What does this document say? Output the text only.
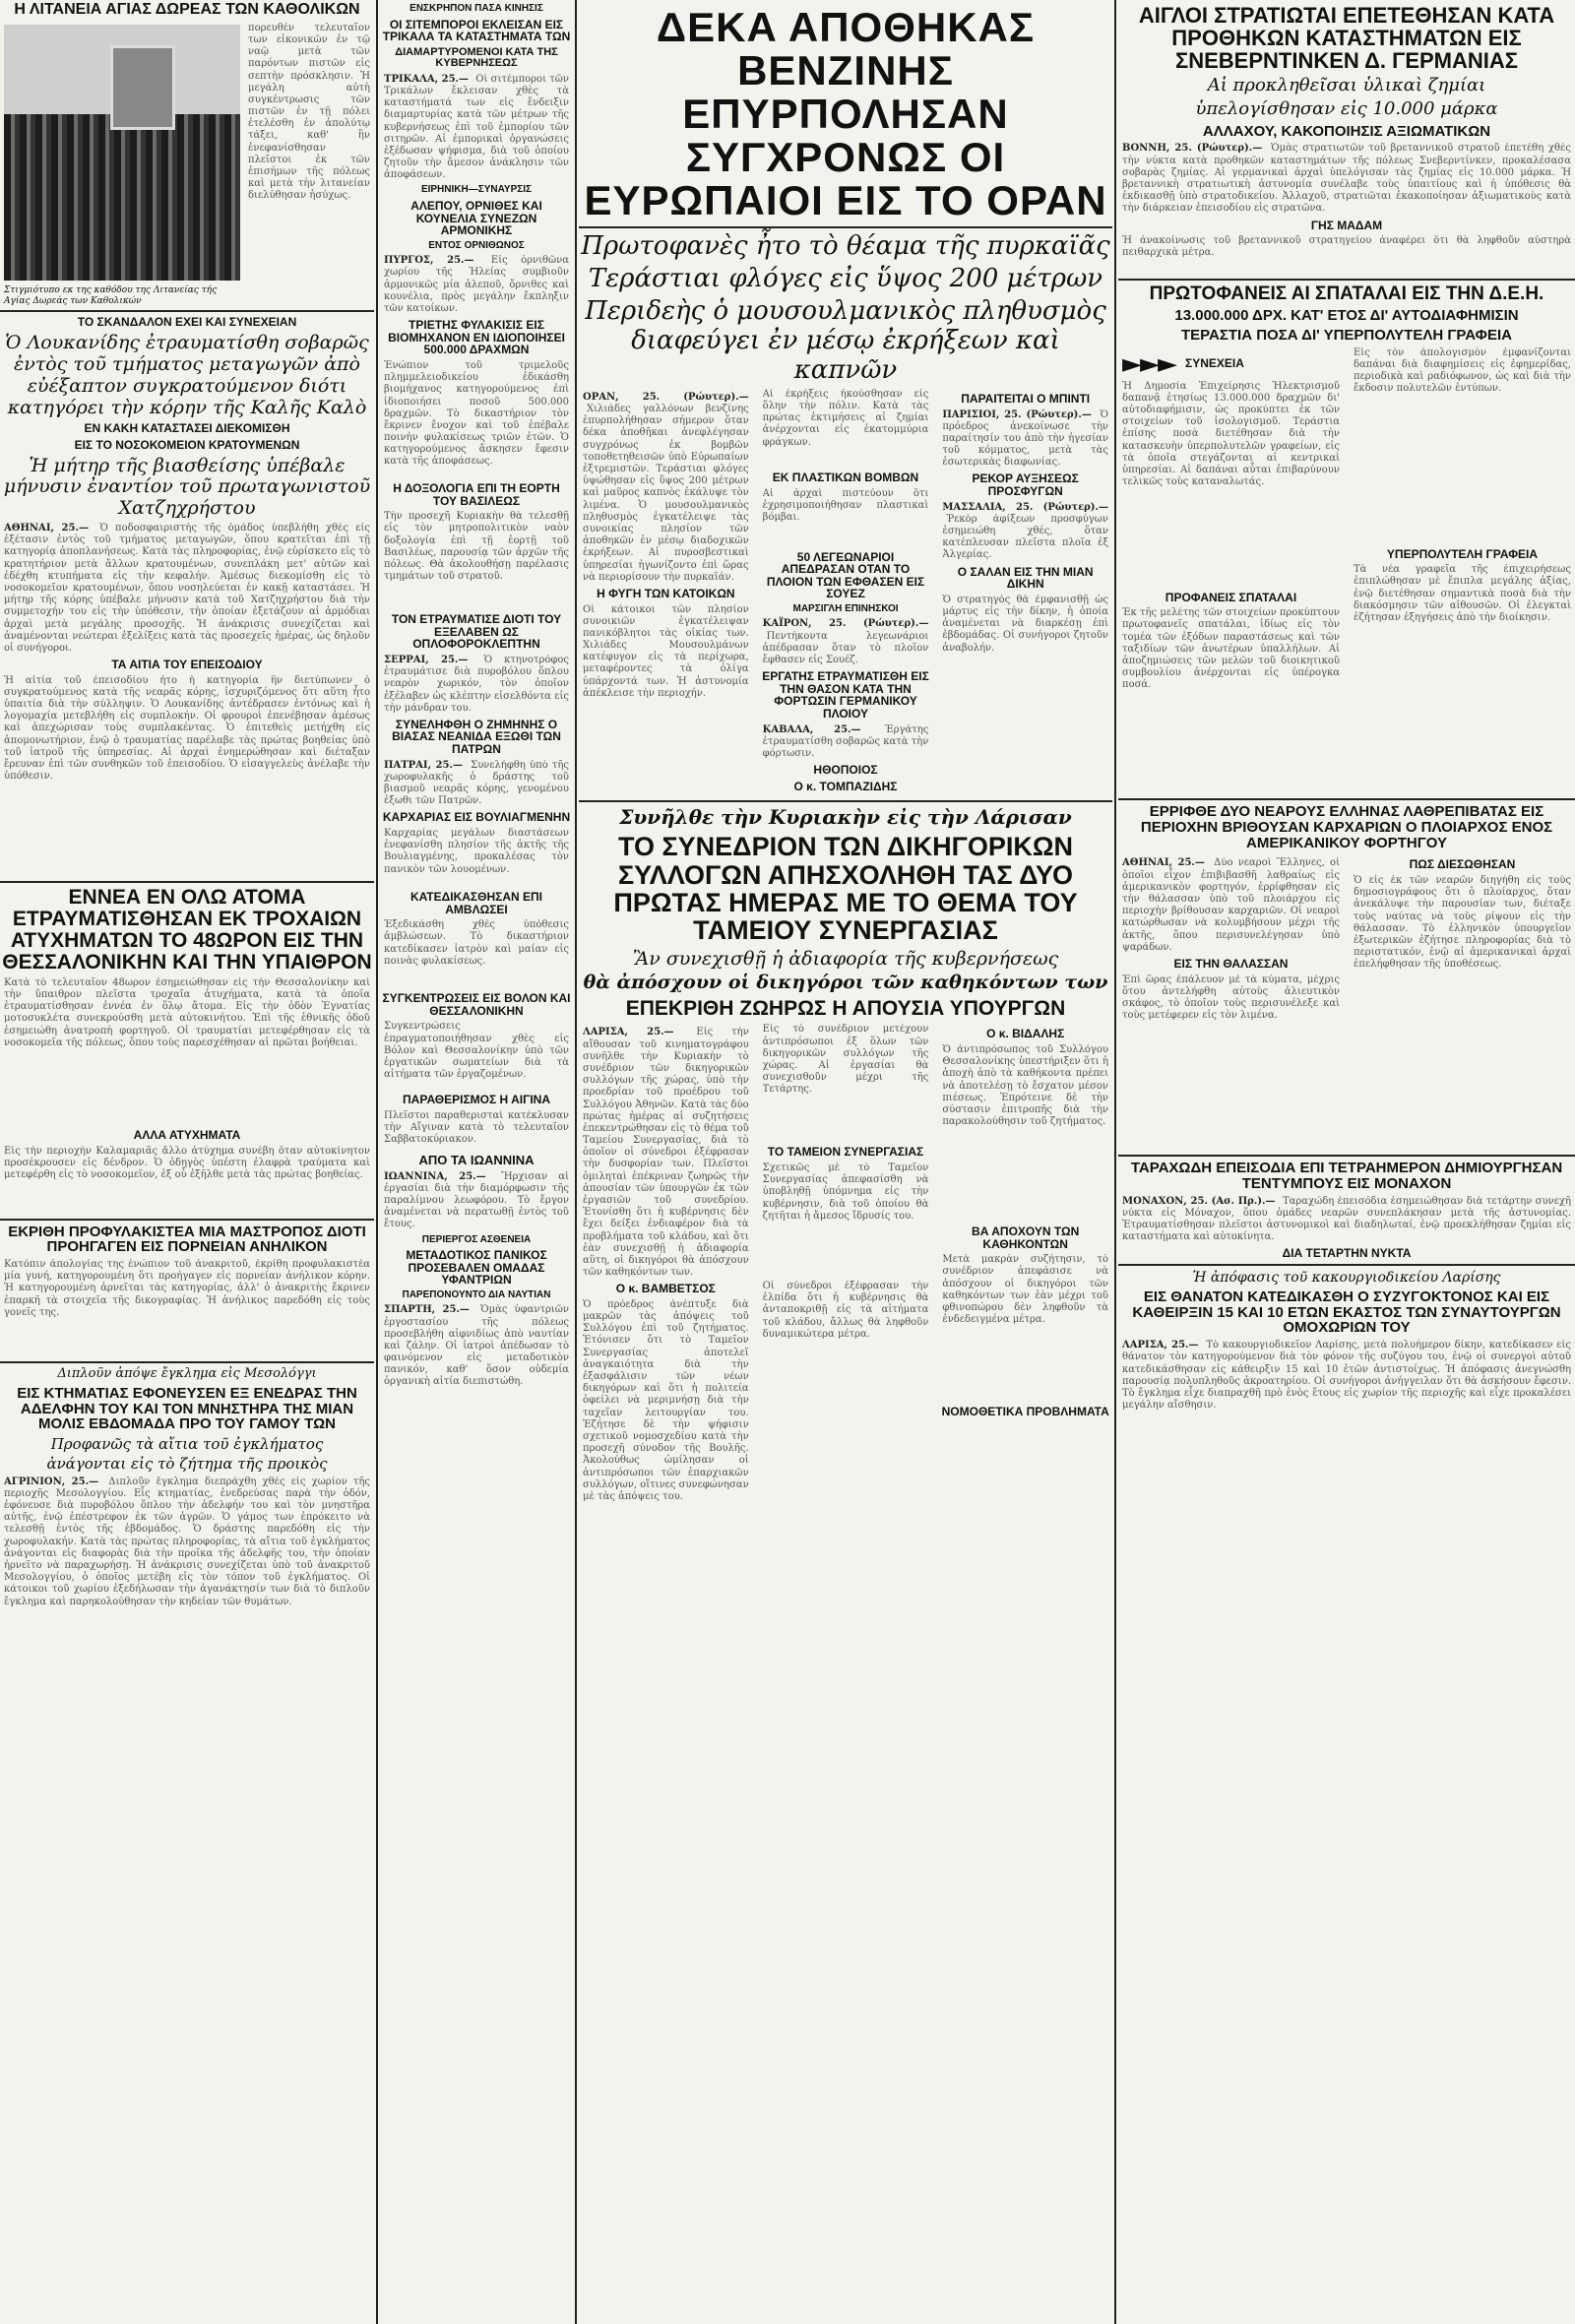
Η ΛΙΤΑΝΕΙΑ ΑΓΙΑΣ ΔΩΡΕΑΣ ΤΩΝ ΚΑΘΟΛΙΚΩΝ
πορευθέν τελευταῖον των εἰκονικῶν ἐν τῷ ναῷ μετὰ τῶν παρόντων πιστῶν εἰς σεπτὴν πρόσκλησιν. Ἡ μεγάλη αὐτὴ συγκέντρωσις τῶν πιστῶν ἐν τῇ πόλει ἐτελέσθη ἐν ἀπολύτῳ τάξει, καθ' ἣν ἐνεφανίσθησαν πλεῖστοι ἐκ τῶν ἐπισήμων τῆς πόλεως καὶ μετὰ τὴν λιτανείαν διελύθησαν ἡσύχως.
Στιγμιότυπο εκ της καθόδου της Λιτανείας τής Αγίας Δωρεάς των Καθολικών
ΤΟ ΣΚΑΝΔΑΛΟΝ ΕΧΕΙ ΚΑΙ ΣΥΝΕΧΕΙΑΝ
Ὁ Λουκανίδης ἐτραυματίσθη σοβαρῶς ἐντὸς τοῦ τμήματος μεταγωγῶν ἀπὸ εὐέξαπτον συγκρατούμενον διότι κατηγόρει τὴν κόρην τῆς Καλῆς Καλὸ
ΕΝ ΚΑΚΗ ΚΑΤΑΣΤΑΣΕΙ ΔΙΕΚΟΜΙΣΘΗ
ΕΙΣ ΤΟ ΝΟΣΟΚΟΜΕΙΟΝ ΚΡΑΤΟΥΜΕΝΩΝ
Ἡ μήτηρ τῆς βιασθείσης ὑπέβαλε μήνυσιν ἐναντίον τοῦ πρωταγωνιστοῦ Χατζηχρήστου
ΑΘΗΝΑΙ, 25.— Ὁ ποδοσφαιριστὴς τῆς ὁμάδος ὑπεβλήθη χθὲς εἰς ἐξέτασιν ἐντὸς τοῦ τμήματος μεταγωγῶν, ὅπου κρατεῖται ἐπὶ τῇ κατηγορίᾳ ἀποπλανήσεως. Κατὰ τὰς πληροφορίας, ἐνῷ εὑρίσκετο εἰς τὸ κρατητήριον μετὰ ἄλλων κρατουμένων, συνεπλάκη μετ' αὐτῶν καὶ ἐδέχθη κτυπήματα εἰς τὴν κεφαλήν. Ἀμέσως διεκομίσθη εἰς τὸ νοσοκομεῖον κρατουμένων, ὅπου νοσηλεύεται ἐν κακῇ καταστάσει. Ἡ μήτηρ τῆς κόρης ὑπέβαλε μήνυσιν κατὰ τοῦ Χατζηχρήστου διὰ τὴν συμμετοχήν του εἰς τὴν ὑπόθεσιν, τὴν ὁποίαν ἐξετάζουν αἱ ἀρμόδιαι ἀρχαὶ μετὰ μεγάλης προσοχῆς. Ἡ ἀνάκρισις συνεχίζεται καὶ ἀναμένονται νεώτεραι ἐξελίξεις κατὰ τὰς προσεχεῖς ἡμέρας, ὡς δηλοῦν οἱ συνήγοροι.
ΤΑ ΑΙΤΙΑ ΤΟΥ ΕΠΕΙΣΟΔΙΟΥ
Ἡ αἰτία τοῦ ἐπεισοδίου ἦτο ἡ κατηγορία ἣν διετύπωνεν ὁ συγκρατούμενος κατὰ τῆς νεαρᾶς κόρης, ἰσχυριζόμενος ὅτι αὕτη ἦτο ὑπαιτία διὰ τὴν σύλληψιν. Ὁ Λουκανίδης ἀντέδρασεν ἐντόνως καὶ ἡ λογομαχία μετεβλήθη εἰς συμπλοκήν. Οἱ φρουροὶ ἐπενέβησαν ἀμέσως καὶ ἀπεχώρισαν τοὺς συμπλακέντας. Ὁ ἐπιτεθεὶς μετήχθη εἰς ἀπομονωτήριον, ἐνῷ ὁ τραυματίας παρέλαβε τὰς πρώτας βοηθείας ὑπὸ τοῦ ἰατροῦ τῆς ὑπηρεσίας. Αἱ ἀρχαὶ ἐνημερώθησαν καὶ διέταξαν ἔρευναν ἐπὶ τῶν συνθηκῶν τοῦ ἐπεισοδίου. Ὁ εἰσαγγελεὺς ἀνέλαβε τὴν ὑπόθεσιν.
ΕΝΝΕΑ ΕΝ ΟΛΩ ΑΤΟΜΑ ΕΤΡΑΥΜΑΤΙΣΘΗΣΑΝ ΕΚ ΤΡΟΧΑΙΩΝ ΑΤΥΧΗΜΑΤΩΝ ΤΟ 48ΩΡΟΝ ΕΙΣ ΤΗΝ ΘΕΣΣΑΛΟΝΙΚΗΝ ΚΑΙ ΤΗΝ ΥΠΑΙΘΡΟΝ
Κατὰ τὸ τελευταῖον 48ωρον ἐσημειώθησαν εἰς τὴν Θεσσαλονίκην καὶ τὴν ὕπαιθρον πλεῖστα τροχαῖα ἀτυχήματα, κατὰ τὰ ὁποῖα ἐτραυματίσθησαν ἐννέα ἐν ὅλῳ ἄτομα. Εἰς τὴν ὁδὸν Ἐγνατίας μοτοσυκλέτα συνεκρούσθη μετὰ αὐτοκινήτου. Ἐπὶ τῆς ἐθνικῆς ὁδοῦ ἐσημειώθη ἀνατροπὴ φορτηγοῦ. Οἱ τραυματίαι μετεφέρθησαν εἰς τὰ νοσοκομεῖα τῆς πόλεως, ὅπου τοὺς παρεσχέθησαν αἱ πρῶται βοήθειαι.
ΑΛΛΑ ΑΤΥΧΗΜΑΤΑ
Εἰς τὴν περιοχὴν Καλαμαριᾶς ἄλλο ἀτύχημα συνέβη ὅταν αὐτοκίνητον προσέκρουσεν εἰς δένδρον. Ὁ ὁδηγὸς ὑπέστη ἐλαφρὰ τραύματα καὶ μετεφέρθη εἰς τὸ νοσοκομεῖον, ἐξ οὗ ἐξῆλθε μετὰ τὰς πρώτας βοηθείας.
ΕΚΡΙΘΗ ΠΡΟΦΥΛΑΚΙΣΤΕΑ ΜΙΑ ΜΑΣΤΡΟΠΟΣ ΔΙΟΤΙ ΠΡΟΗΓΑΓΕΝ ΕΙΣ ΠΟΡΝΕΙΑΝ ΑΝΗΛΙΚΟΝ
Κατόπιν ἀπολογίας της ἐνώπιον τοῦ ἀνακριτοῦ, ἐκρίθη προφυλακιστέα μία γυνή, κατηγορουμένη ὅτι προήγαγεν εἰς πορνείαν ἀνήλικον κόρην. Ἡ κατηγορουμένη ἀρνεῖται τὰς κατηγορίας, ἀλλ' ὁ ἀνακριτὴς ἔκρινεν ἐπαρκῆ τὰ στοιχεῖα τῆς δικογραφίας. Ἡ ἀνήλικος παρεδόθη εἰς τοὺς γονεῖς της.
Διπλοῦν ἀπόψε ἔγκλημα εἰς Μεσολόγγι
ΕΙΣ ΚΤΗΜΑΤΙΑΣ ΕΦΟΝΕΥΣΕΝ ΕΞ ΕΝΕΔΡΑΣ ΤΗΝ ΑΔΕΛΦΗΝ ΤΟΥ ΚΑΙ ΤΟΝ ΜΝΗΣΤΗΡΑ ΤΗΣ ΜΙΑΝ ΜΟΛΙΣ ΕΒΔΟΜΑΔΑ ΠΡΟ ΤΟΥ ΓΑΜΟΥ ΤΩΝ
Προφανῶς τὰ αἴτια τοῦ ἐγκλήματος
ἀνάγονται εἰς τὸ ζήτημα τῆς προικὸς
ΑΓΡΙΝΙΟΝ, 25.— Διπλοῦν ἔγκλημα διεπράχθη χθὲς εἰς χωρίον τῆς περιοχῆς Μεσολογγίου. Εἷς κτηματίας, ἐνεδρεύσας παρὰ τὴν ὁδόν, ἐφόνευσε διὰ πυροβόλου ὅπλου τὴν ἀδελφήν του καὶ τὸν μνηστῆρα αὐτῆς, ἐνῷ ἐπέστρεφον ἐκ τῶν ἀγρῶν. Ὁ γάμος των ἐπρόκειτο νὰ τελεσθῇ ἐντὸς τῆς ἑβδομάδος. Ὁ δράστης παρεδόθη εἰς τὴν χωροφυλακήν. Κατὰ τὰς πρώτας πληροφορίας, τὰ αἴτια τοῦ ἐγκλήματος ἀνάγονται εἰς διαφορὰς διὰ τὴν προῖκα τῆς ἀδελφῆς του, τὴν ὁποίαν ἠρνεῖτο νὰ παραχωρήσῃ. Ἡ ἀνάκρισις συνεχίζεται ὑπὸ τοῦ ἀνακριτοῦ Μεσολογγίου, ὁ ὁποῖος μετέβη εἰς τὸν τόπον τοῦ ἐγκλήματος. Οἱ κάτοικοι τοῦ χωρίου ἐξεδήλωσαν τὴν ἀγανάκτησίν των διὰ τὸ διπλοῦν ἔγκλημα καὶ παρηκολούθησαν τὴν κηδείαν τῶν θυμάτων.
ΕΝΣΚΡΗΠΟΝ ΠΑΣΑ ΚΙΝΗΣΙΣ
ΟΙ ΣΙΤΕΜΠΟΡΟΙ ΕΚΛΕΙΣΑΝ ΕΙΣ ΤΡΙΚΑΛΑ ΤΑ ΚΑΤΑΣΤΗΜΑΤΑ ΤΩΝ
ΔΙΑΜΑΡΤΥΡΟΜΕΝΟΙ ΚΑΤΑ ΤΗΣ ΚΥΒΕΡΝΗΣΕΩΣ
ΤΡΙΚΑΛΑ, 25.— Οἱ σιτέμποροι τῶν Τρικάλων ἔκλεισαν χθὲς τὰ καταστήματά των εἰς ἔνδειξιν διαμαρτυρίας κατὰ τῶν μέτρων τῆς κυβερνήσεως ἐπὶ τοῦ ἐμπορίου τῶν σιτηρῶν. Αἱ ἐμπορικαὶ ὀργανώσεις ἐξέδωσαν ψήφισμα, διὰ τοῦ ὁποίου ζητοῦν τὴν ἄμεσον ἀνάκλησιν τῶν ἀποφάσεων.
ΕΙΡΗΝΙΚΗ—ΣΥΝΑΥΡΣΙΣ
ΑΛΕΠΟΥ, ΟΡΝΙΘΕΣ ΚΑΙ ΚΟΥΝΕΛΙΑ ΣΥΝΕΖΩΝ ΑΡΜΟΝΙΚΗΣ
ΕΝΤΟΣ ΟΡΝΙΘΩΝΟΣ
ΠΥΡΓΟΣ, 25.— Εἰς ὀρνιθῶνα χωρίου τῆς Ἠλείας συμβιοῦν ἁρμονικῶς μία ἀλεποῦ, ὄρνιθες καὶ κουνέλια, πρὸς μεγάλην ἔκπληξιν τῶν κατοίκων.
ΤΡΙΕΤΗΣ ΦΥΛΑΚΙΣΙΣ ΕΙΣ ΒΙΟΜΗΧΑΝΟΝ ΕΝ ΙΔΙΟΠΟΙΗΣΕΙ 500.000 ΔΡΑΧΜΩΝ
Ἐνώπιον τοῦ τριμελοῦς πλημμελειοδικείου ἐδικάσθη βιομήχανος κατηγορούμενος ἐπὶ ἰδιοποιήσει ποσοῦ 500.000 δραχμῶν. Τὸ δικαστήριον τὸν ἔκρινεν ἔνοχον καὶ τοῦ ἐπέβαλε ποινὴν φυλακίσεως τριῶν ἐτῶν. Ὁ κατηγορούμενος ἄσκησεν ἔφεσιν κατὰ τῆς ἀποφάσεως.
Η ΔΟΞΟΛΟΓΙΑ ΕΠΙ ΤΗ ΕΟΡΤΗ ΤΟΥ ΒΑΣΙΛΕΩΣ
Τὴν προσεχῆ Κυριακὴν θὰ τελεσθῇ εἰς τὸν μητροπολιτικὸν ναὸν δοξολογία ἐπὶ τῇ ἑορτῇ τοῦ Βασιλέως, παρουσίᾳ τῶν ἀρχῶν τῆς πόλεως. Θὰ ἀκολουθήσῃ παρέλασις τμημάτων τοῦ στρατοῦ.
ΤΟΝ ΕΤΡΑΥΜΑΤΙΣΕ ΔΙΟΤΙ ΤΟΥ ΕΞΕΛΑΒΕΝ ΩΣ ΟΠΛΟΦΟΡΟΚΛΕΠΤΗΝ
ΣΕΡΡΑΙ, 25.— Ὁ κτηνοτρόφος ἐτραυμάτισε διὰ πυροβόλου ὅπλου νεαρὸν χωρικόν, τὸν ὁποῖον ἐξέλαβεν ὡς κλέπτην εἰσελθόντα εἰς τὴν μάνδραν του.
ΣΥΝΕΛΗΦΘΗ Ο ΖΗΜΗΝΗΣ Ο ΒΙΑΣΑΣ ΝΕΑΝΙΔΑ ΕΞΩΘΙ ΤΩΝ ΠΑΤΡΩΝ
ΠΑΤΡΑΙ, 25.— Συνελήφθη ὑπὸ τῆς χωροφυλακῆς ὁ δράστης τοῦ βιασμοῦ νεαρᾶς κόρης, γενομένου ἐξωθι τῶν Πατρῶν.
ΚΑΡΧΑΡΙΑΣ ΕΙΣ ΒΟΥΛΙΑΓΜΕΝΗΝ
Καρχαρίας μεγάλων διαστάσεων ἐνεφανίσθη πλησίον τῆς ἀκτῆς τῆς Βουλιαγμένης, προκαλέσας τὸν πανικὸν τῶν λουομένων.
ΚΑΤΕΔΙΚΑΣΘΗΣΑΝ ΕΠΙ ΑΜΒΛΩΣΕΙ
Ἐξεδικάσθη χθὲς ὑπόθεσις ἀμβλώσεων. Τὸ δικαστήριον κατεδίκασεν ἰατρὸν καὶ μαίαν εἰς ποινὰς φυλακίσεως.
ΣΥΓΚΕΝΤΡΩΣΕΙΣ ΕΙΣ ΒΟΛΟΝ ΚΑΙ ΘΕΣΣΑΛΟΝΙΚΗΝ
Συγκεντρώσεις ἐπραγματοποιήθησαν χθὲς εἰς Βόλον καὶ Θεσσαλονίκην ὑπὸ τῶν ἐργατικῶν σωματείων διὰ τὰ αἰτήματα τῶν ἐργαζομένων.
ΠΑΡΑΘΕΡΙΣΜΟΣ Η ΑΙΓΙΝΑ
Πλεῖστοι παραθερισταὶ κατέκλυσαν τὴν Αἴγιναν κατὰ τὸ τελευταῖον Σαββατοκύριακον.
ΑΠΟ ΤΑ ΙΩΑΝΝΙΝΑ
ΙΩΑΝΝΙΝΑ, 25.— Ἤρχισαν αἱ ἐργασίαι διὰ τὴν διαμόρφωσιν τῆς παραλίμνου λεωφόρου. Τὸ ἔργον ἀναμένεται νὰ περατωθῇ ἐντὸς τοῦ ἔτους.
ΠΕΡΙΕΡΓΟΣ ΑΣΘΕΝΕΙΑ
ΜΕΤΑΔΟΤΙΚΟΣ ΠΑΝΙΚΟΣ ΠΡΟΣΕΒΑΛΕΝ ΟΜΑΔΑΣ ΥΦΑΝΤΡΙΩΝ
ΠΑΡΕΠΟΝΟΥΝΤΟ ΔΙΑ ΝΑΥΤΙΑΝ
ΣΠΑΡΤΗ, 25.— Ὁμὰς ὑφαντριῶν ἐργοστασίου τῆς πόλεως προσεβλήθη αἰφνιδίως ἀπὸ ναυτίαν καὶ ζάλην. Οἱ ἰατροὶ ἀπέδωσαν τὸ φαινόμενον εἰς μεταδοτικὸν πανικόν, καθ' ὅσον οὐδεμία ὀργανικὴ αἰτία διεπιστώθη.
ΔΕΚΑ ΑΠΟΘΗΚΑΣ ΒΕΝΖΙΝΗΣ ΕΠΥΡΠΟΛΗΣΑΝ ΣΥΓΧΡΟΝΩΣ ΟΙ ΕΥΡΩΠΑΙΟΙ ΕΙΣ ΤΟ ΟΡΑΝ
Πρωτοφανὲς ἦτο τὸ θέαμα τῆς πυρκαϊᾶς
Τεράστιαι φλόγες εἰς ὕψος 200 μέτρων
Περιδεὴς ὁ μουσουλμανικὸς πληθυσμὸς διαφεύγει ἐν μέσῳ ἐκρήξεων καὶ καπνῶν
ΟΡΑΝ, 25. (Ρώυτερ).— Χιλιάδες γαλλόνων βενζίνης ἐπυρπολήθησαν σήμερον ὅταν δέκα ἀποθῆκαι ἀνεφλέγησαν συγχρόνως ἐκ βομβῶν τοποθετηθεισῶν ὑπὸ Εὐρωπαίων ἐξτρεμιστῶν. Τεράστιαι φλόγες ὑψώθησαν εἰς ὕψος 200 μέτρων καὶ μαῦρος καπνὸς ἐκάλυψε τὸν λιμένα. Ὁ μουσουλμανικὸς πληθυσμὸς ἐγκατέλειψε τὰς συνοικίας πλησίον τῶν ἀποθηκῶν ἐν μέσῳ διαδοχικῶν ἐκρήξεων. Αἱ πυροσβεστικαὶ ὑπηρεσίαι ἠγωνίζοντο ἐπὶ ὥρας νὰ περιορίσουν τὴν πυρκαϊάν.
Η ΦΥΓΗ ΤΩΝ ΚΑΤΟΙΚΩΝ
Οἱ κάτοικοι τῶν πλησίον συνοικιῶν ἐγκατέλειψαν πανικόβλητοι τὰς οἰκίας των. Χιλιάδες Μουσουλμάνων κατέφυγον εἰς τὰ περίχωρα, μεταφέροντες τὰ ὀλίγα ὑπάρχοντά των. Ἡ ἀστυνομία ἀπέκλεισε τὴν περιοχήν.
Αἱ ἐκρήξεις ἠκούσθησαν εἰς ὅλην τὴν πόλιν. Κατὰ τὰς πρώτας ἐκτιμήσεις αἱ ζημίαι ἀνέρχονται εἰς ἑκατομμύρια φράγκων.
ΕΚ ΠΛΑΣΤΙΚΩΝ ΒΟΜΒΩΝ
Αἱ ἀρχαὶ πιστεύουν ὅτι ἐχρησιμοποιήθησαν πλαστικαὶ βόμβαι.
50 ΛΕΓΕΩΝΑΡΙΟΙ ΑΠΕΔΡΑΣΑΝ ΟΤΑΝ ΤΟ ΠΛΟΙΟΝ ΤΩΝ ΕΦΘΑΣΕΝ ΕΙΣ ΣΟΥΕΖ
ΜΑΡΣΙΓΛΗ ΕΠΙΝΗΣΚΟΙ
ΚΑΪΡΟΝ, 25. (Ρώυτερ).— Πεντήκοντα λεγεωνάριοι ἀπέδρασαν ὅταν τὸ πλοῖον ἔφθασεν εἰς Σουέζ.
ΕΡΓΑΤΗΣ ΕΤΡΑΥΜΑΤΙΣΘΗ ΕΙΣ ΤΗΝ ΘΑΣΟΝ ΚΑΤΑ ΤΗΝ ΦΟΡΤΩΣΙΝ ΓΕΡΜΑΝΙΚΟΥ ΠΛΟΙΟΥ
ΚΑΒΑΛΑ, 25.— Ἐργάτης ἐτραυματίσθη σοβαρῶς κατὰ τὴν φόρτωσιν.
ΗΘΟΠΟΙΟΣ
Ο κ. ΤΟΜΠΑΖΙΔΗΣ
ΠΑΡΑΙΤΕΙΤΑΙ Ο ΜΠΙΝΤΙ
ΠΑΡΙΣΙΟΙ, 25. (Ρώυτερ).— Ὁ πρόεδρος ἀνεκοίνωσε τὴν παραίτησίν του ἀπὸ τὴν ἡγεσίαν τοῦ κόμματος, μετὰ τὰς ἐσωτερικὰς διαφωνίας.
ΡΕΚΟΡ ΑΥΞΗΣΕΩΣ ΠΡΟΣΦΥΓΩΝ
ΜΑΣΣΑΛΙΑ, 25. (Ρώυτερ).— Ῥεκὸρ ἀφίξεων προσφύγων ἐσημειώθη χθές, ὅταν κατέπλευσαν πλεῖστα πλοῖα ἐξ Ἀλγερίας.
Ο ΣΑΛΑΝ ΕΙΣ ΤΗΝ ΜΙΑΝ ΔΙΚΗΝ
Ὁ στρατηγὸς θὰ ἐμφανισθῇ ὡς μάρτυς εἰς τὴν δίκην, ἡ ὁποία ἀναμένεται νὰ διαρκέσῃ ἐπὶ ἑβδομάδας. Οἱ συνήγοροι ζητοῦν ἀναβολήν.
Συνῆλθε τὴν Κυριακὴν εἰς τὴν Λάρισαν
ΤΟ ΣΥΝΕΔΡΙΟΝ ΤΩΝ ΔΙΚΗΓΟΡΙΚΩΝ ΣΥΛΛΟΓΩΝ ΑΠΗΣΧΟΛΗΘΗ ΤΑΣ ΔΥΟ ΠΡΩΤΑΣ ΗΜΕΡΑΣ ΜΕ ΤΟ ΘΕΜΑ ΤΟΥ ΤΑΜΕΙΟΥ ΣΥΝΕΡΓΑΣΙΑΣ
Ἂν συνεχισθῇ ἡ ἀδιαφορία τῆς κυβερνήσεως
θὰ ἀπόσχουν οἱ δικηγόροι τῶν καθηκόντων των
ΕΠΕΚΡΙΘΗ ΖΩΗΡΩΣ Η ΑΠΟΥΣΙΑ ΥΠΟΥΡΓΩΝ
ΛΑΡΙΣΑ, 25.— Εἰς τὴν αἴθουσαν τοῦ κινηματογράφου συνῆλθε τὴν Κυριακὴν τὸ συνέδριον τῶν δικηγορικῶν συλλόγων τῆς χώρας, ὑπὸ τὴν προεδρίαν τοῦ προέδρου τοῦ Συλλόγου Ἀθηνῶν. Κατὰ τὰς δύο πρώτας ἡμέρας αἱ συζητήσεις ἐπεκεντρώθησαν εἰς τὸ θέμα τοῦ Ταμείου Συνεργασίας, διὰ τὸ ὁποῖον οἱ σύνεδροι ἐξέφρασαν τὴν δυσφορίαν των. Πλεῖστοι ὁμιληταὶ ἐπέκριναν ζωηρῶς τὴν ἀπουσίαν τῶν ὑπουργῶν ἐκ τῶν ἐργασιῶν τοῦ συνεδρίου. Ἐτονίσθη ὅτι ἡ κυβέρνησις δὲν ἔχει δείξει ἐνδιαφέρον διὰ τὰ προβλήματα τοῦ κλάδου, καὶ ὅτι ἐὰν συνεχισθῇ ἡ ἀδιαφορία αὕτη, οἱ δικηγόροι θὰ ἀπόσχουν τῶν καθηκόντων των.
Ο κ. ΒΑΜΒΕΤΣΟΣ
Ὁ πρόεδρος ἀνέπτυξε διὰ μακρῶν τὰς ἀπόψεις τοῦ Συλλόγου ἐπὶ τοῦ ζητήματος. Ἐτόνισεν ὅτι τὸ Ταμεῖον Συνεργασίας ἀποτελεῖ ἀναγκαιότητα διὰ τὴν ἐξασφάλισιν τῶν νέων δικηγόρων καὶ ὅτι ἡ πολιτεία ὀφείλει νὰ μεριμνήσῃ διὰ τὴν ταχεῖαν λειτουργίαν του. Ἐζήτησε δὲ τὴν ψήφισιν σχετικοῦ νομοσχεδίου κατὰ τὴν προσεχῆ σύνοδον τῆς Βουλῆς. Ἀκολούθως ὡμίλησαν οἱ ἀντιπρόσωποι τῶν ἐπαρχιακῶν συλλόγων, οἵτινες συνεφώνησαν μὲ τὰς ἀπόψεις του.
Εἰς τὸ συνέδριον μετέχουν ἀντιπρόσωποι ἐξ ὅλων τῶν δικηγορικῶν συλλόγων τῆς χώρας. Αἱ ἐργασίαι θὰ συνεχισθοῦν μέχρι τῆς Τετάρτης.
ΤΟ ΤΑΜΕΙΟΝ ΣΥΝΕΡΓΑΣΙΑΣ
Σχετικῶς μὲ τὸ Ταμεῖον Συνεργασίας ἀπεφασίσθη νὰ ὑποβληθῇ ὑπόμνημα εἰς τὴν κυβέρνησιν, διὰ τοῦ ὁποίου θὰ ζητῆται ἡ ἄμεσος ἵδρυσίς του.
Οἱ σύνεδροι ἐξέφρασαν τὴν ἐλπίδα ὅτι ἡ κυβέρνησις θὰ ἀνταποκριθῇ εἰς τὰ αἰτήματα τοῦ κλάδου, ἄλλως θὰ ληφθοῦν δυναμικώτερα μέτρα.
Ο κ. ΒΙΔΑΛΗΣ
Ὁ ἀντιπρόσωπος τοῦ Συλλόγου Θεσσαλονίκης ὑπεστήριξεν ὅτι ἡ ἀποχὴ ἀπὸ τὰ καθήκοντα πρέπει νὰ ἀποτελέσῃ τὸ ἔσχατον μέσον πιέσεως. Ἐπρότεινε δὲ τὴν σύστασιν ἐπιτροπῆς διὰ τὴν παρακολούθησιν τοῦ ζητήματος.
ΒΑ ΑΠΟΧΟΥΝ ΤΩΝ ΚΑΘΗΚΟΝΤΩΝ
Μετὰ μακρὰν συζήτησιν, τὸ συνέδριον ἀπεφάσισε νὰ ἀπόσχουν οἱ δικηγόροι τῶν καθηκόντων των ἐὰν μέχρι τοῦ φθινοπώρου δὲν ληφθοῦν τὰ ἐνδεδειγμένα μέτρα.
ΝΟΜΟΘΕΤΙΚΑ ΠΡΟΒΛΗΜΑΤΑ
ΑΙΓΛΟΙ ΣΤΡΑΤΙΩΤΑΙ ΕΠΕΤΕΘΗΣΑΝ ΚΑΤΑ ΠΡΟΘΗΚΩΝ ΚΑΤΑΣΤΗΜΑΤΩΝ ΕΙΣ ΣΝΕΒΕΡΝΤΙΝΚΕΝ Δ. ΓΕΡΜΑΝΙΑΣ
Αἱ προκληθεῖσαι ὑλικαὶ ζημίαι
ὑπελογίσθησαν εἰς 10.000 μάρκα
ΑΛΛΑΧΟΥ, ΚΑΚΟΠΟΙΗΣΙΣ ΑΞΙΩΜΑΤΙΚΩΝ
ΒΟΝΝΗ, 25. (Ρώυτερ).— Ὁμὰς στρατιωτῶν τοῦ βρεταννικοῦ στρατοῦ ἐπετέθη χθὲς τὴν νύκτα κατὰ προθηκῶν καταστημάτων τῆς πόλεως Σνεβερντίνκεν, προκαλέσασα σοβαρὰς ζημίας. Αἱ γερμανικαὶ ἀρχαὶ ὑπελόγισαν τὰς ζημίας εἰς 10.000 μάρκα. Ἡ βρεταννικὴ στρατιωτικὴ ἀστυνομία συνέλαβε τοὺς ὑπαιτίους καὶ ἡ ὑπόθεσις θὰ ἐκδικασθῇ ὑπὸ στρατοδικείου. Ἀλλαχοῦ, στρατιῶται ἐκακοποίησαν ἀξιωματικοὺς κατὰ τὴν διάρκειαν ἐπεισοδίου εἰς στρατῶνα.
ΓΗΣ ΜΑΔΑΜ
Ἡ ἀνακοίνωσις τοῦ βρεταννικοῦ στρατηγείου ἀναφέρει ὅτι θὰ ληφθοῦν αὐστηρὰ πειθαρχικὰ μέτρα.
ΠΡΩΤΟΦΑΝΕΙΣ ΑΙ ΣΠΑΤΑΛΑΙ ΕΙΣ ΤΗΝ Δ.Ε.Η.
13.000.000 ΔΡΧ. ΚΑΤ' ΕΤΟΣ ΔΙ' ΑΥΤΟΔΙΑΦΗΜΙΣΙΝ
ΤΕΡΑΣΤΙΑ ΠΟΣΑ ΔΙ' ΥΠΕΡΠΟΛΥΤΕΛΗ ΓΡΑΦΕΙΑ
►►► ΣΥΝΕΧΕΙΑ
Ἡ Δημοσία Ἐπιχείρησις Ἠλεκτρισμοῦ δαπανᾷ ἐτησίως 13.000.000 δραχμῶν δι' αὐτοδιαφήμισιν, ὡς προκύπτει ἐκ τῶν στοιχείων τοῦ ἰσολογισμοῦ. Τεράστια ἐπίσης ποσὰ διετέθησαν διὰ τὴν κατασκευὴν ὑπερπολυτελῶν γραφείων, εἰς τὰ ὁποῖα στεγάζονται αἱ κεντρικαὶ ὑπηρεσίαι. Αἱ δαπάναι αὗται ἐπιβαρύνουν τελικῶς τοὺς καταναλωτάς.
ΠΡΟΦΑΝΕΙΣ ΣΠΑΤΑΛΑΙ
Ἐκ τῆς μελέτης τῶν στοιχείων προκύπτουν πρωτοφανεῖς σπατάλαι, ἰδίως εἰς τὸν τομέα τῶν ἐξόδων παραστάσεως καὶ τῶν ταξιδίων τῶν ἀνωτέρων ὑπαλλήλων. Αἱ ἀποζημιώσεις τῶν μελῶν τοῦ διοικητικοῦ συμβουλίου ἀνέρχονται εἰς ὑπέρογκα ποσά.
Εἰς τὸν ἀπολογισμὸν ἐμφανίζονται δαπάναι διὰ διαφημίσεις εἰς ἐφημερίδας, περιοδικὰ καὶ ραδιόφωνον, ὡς καὶ διὰ τὴν ἔκδοσιν πολυτελῶν ἐντύπων.
ΥΠΕΡΠΟΛΥΤΕΛΗ ΓΡΑΦΕΙΑ
Τὰ νέα γραφεῖα τῆς ἐπιχειρήσεως ἐπιπλώθησαν μὲ ἔπιπλα μεγάλης ἀξίας, ἐνῷ διετέθησαν σημαντικὰ ποσὰ διὰ τὴν διακόσμησιν τῶν αἰθουσῶν. Οἱ ἐλεγκταὶ ἐζήτησαν ἐξηγήσεις ἀπὸ τὴν διοίκησιν.
ΕΡΡΙΦΘΕ ΔΥΟ ΝΕΑΡΟΥΣ ΕΛΛΗΝΑΣ ΛΑΘΡΕΠΙΒΑΤΑΣ ΕΙΣ ΠΕΡΙΟΧΗΝ ΒΡΙΘΟΥΣΑΝ ΚΑΡΧΑΡΙΩΝ Ο ΠΛΟΙΑΡΧΟΣ ΕΝΟΣ ΑΜΕΡΙΚΑΝΙΚΟΥ ΦΟΡΤΗΓΟΥ
ΑΘΗΝΑΙ, 25.— Δύο νεαροὶ Ἕλληνες, οἱ ὁποῖοι εἶχον ἐπιβιβασθῆ λαθραίως εἰς ἀμερικανικὸν φορτηγόν, ἐρρίφθησαν εἰς τὴν θάλασσαν ὑπὸ τοῦ πλοιάρχου εἰς περιοχὴν βρίθουσαν καρχαριῶν. Οἱ νεαροὶ κατώρθωσαν νὰ κολυμβήσουν μέχρι τῆς ἀκτῆς, ὅπου περισυνελέγησαν ὑπὸ ψαράδων.
ΕΙΣ ΤΗΝ ΘΑΛΑΣΣΑΝ
Ἐπὶ ὥρας ἐπάλευον μὲ τὰ κύματα, μέχρις ὅτου ἀντελήφθη αὐτοὺς ἁλιευτικὸν σκάφος, τὸ ὁποῖον τοὺς περισυνέλεξε καὶ τοὺς μετέφερεν εἰς τὸν λιμένα.
ΠΩΣ ΔΙΕΣΩΘΗΣΑΝ
Ὁ εἷς ἐκ τῶν νεαρῶν διηγήθη εἰς τοὺς δημοσιογράφους ὅτι ὁ πλοίαρχος, ὅταν ἀνεκάλυψε τὴν παρουσίαν των, διέταξε τοὺς ναύτας νὰ τοὺς ρίψουν εἰς τὴν θάλασσαν. Τὸ ἑλληνικὸν ὑπουργεῖον ἐξωτερικῶν ἐζήτησε πληροφορίας διὰ τὸ περιστατικόν, ἐνῷ αἱ ἀμερικανικαὶ ἀρχαὶ ἐπελήφθησαν τῆς ὑποθέσεως.
ΤΑΡΑΧΩΔΗ ΕΠΕΙΣΟΔΙΑ ΕΠΙ ΤΕΤΡΑΗΜΕΡΟΝ ΔΗΜΙΟΥΡΓΗΣΑΝ ΤΕΝΤΥΜΠΟΥΣ ΕΙΣ ΜΟΝΑΧΟΝ
ΜΟΝΑΧΟΝ, 25. (Ασ. Πρ.).— Ταραχώδη ἐπεισόδια ἐσημειώθησαν διὰ τετάρτην συνεχῆ νύκτα εἰς Μόναχον, ὅπου ὁμάδες νεαρῶν συνεπλάκησαν μετὰ τῆς ἀστυνομίας. Ἐτραυματίσθησαν πλεῖστοι ἀστυνομικοὶ καὶ διαδηλωταί, ἐνῷ προεκλήθησαν ζημίαι εἰς καταστήματα καὶ αὐτοκίνητα.
ΔΙΑ ΤΕΤΑΡΤΗΝ ΝΥΚΤΑ
Ἡ ἀπόφασις τοῦ κακουργιοδικείου Λαρίσης
ΕΙΣ ΘΑΝΑΤΟΝ ΚΑΤΕΔΙΚΑΣΘΗ Ο ΣΥΖΥΓΟΚΤΟΝΟΣ ΚΑΙ ΕΙΣ ΚΑΘΕΙΡΞΙΝ 15 ΚΑΙ 10 ΕΤΩΝ ΕΚΑΣΤΟΣ ΤΩΝ ΣΥΝΑΥΤΟΥΡΓΩΝ ΟΜΟΧΩΡΙΩΝ ΤΟΥ
ΛΑΡΙΣΑ, 25.— Τὸ κακουργιοδικεῖον Λαρίσης, μετὰ πολυήμερον δίκην, κατεδίκασεν εἰς θάνατον τὸν κατηγορούμενον διὰ τὸν φόνον τῆς συζύγου του, ἐνῷ οἱ συνεργοὶ αὐτοῦ κατεδικάσθησαν εἰς κάθειρξιν 15 καὶ 10 ἐτῶν ἀντιστοίχως. Ἡ ἀπόφασις ἀνεγνώσθη παρουσίᾳ πολυπληθοῦς ἀκροατηρίου. Οἱ συνήγοροι ἀνήγγειλαν ὅτι θὰ ἀσκήσουν ἔφεσιν. Τὸ ἔγκλημα εἶχε διαπραχθῆ πρὸ ἑνὸς ἔτους εἰς χωρίον τῆς περιοχῆς καὶ εἶχε προκαλέσει μεγάλην αἴσθησιν.
